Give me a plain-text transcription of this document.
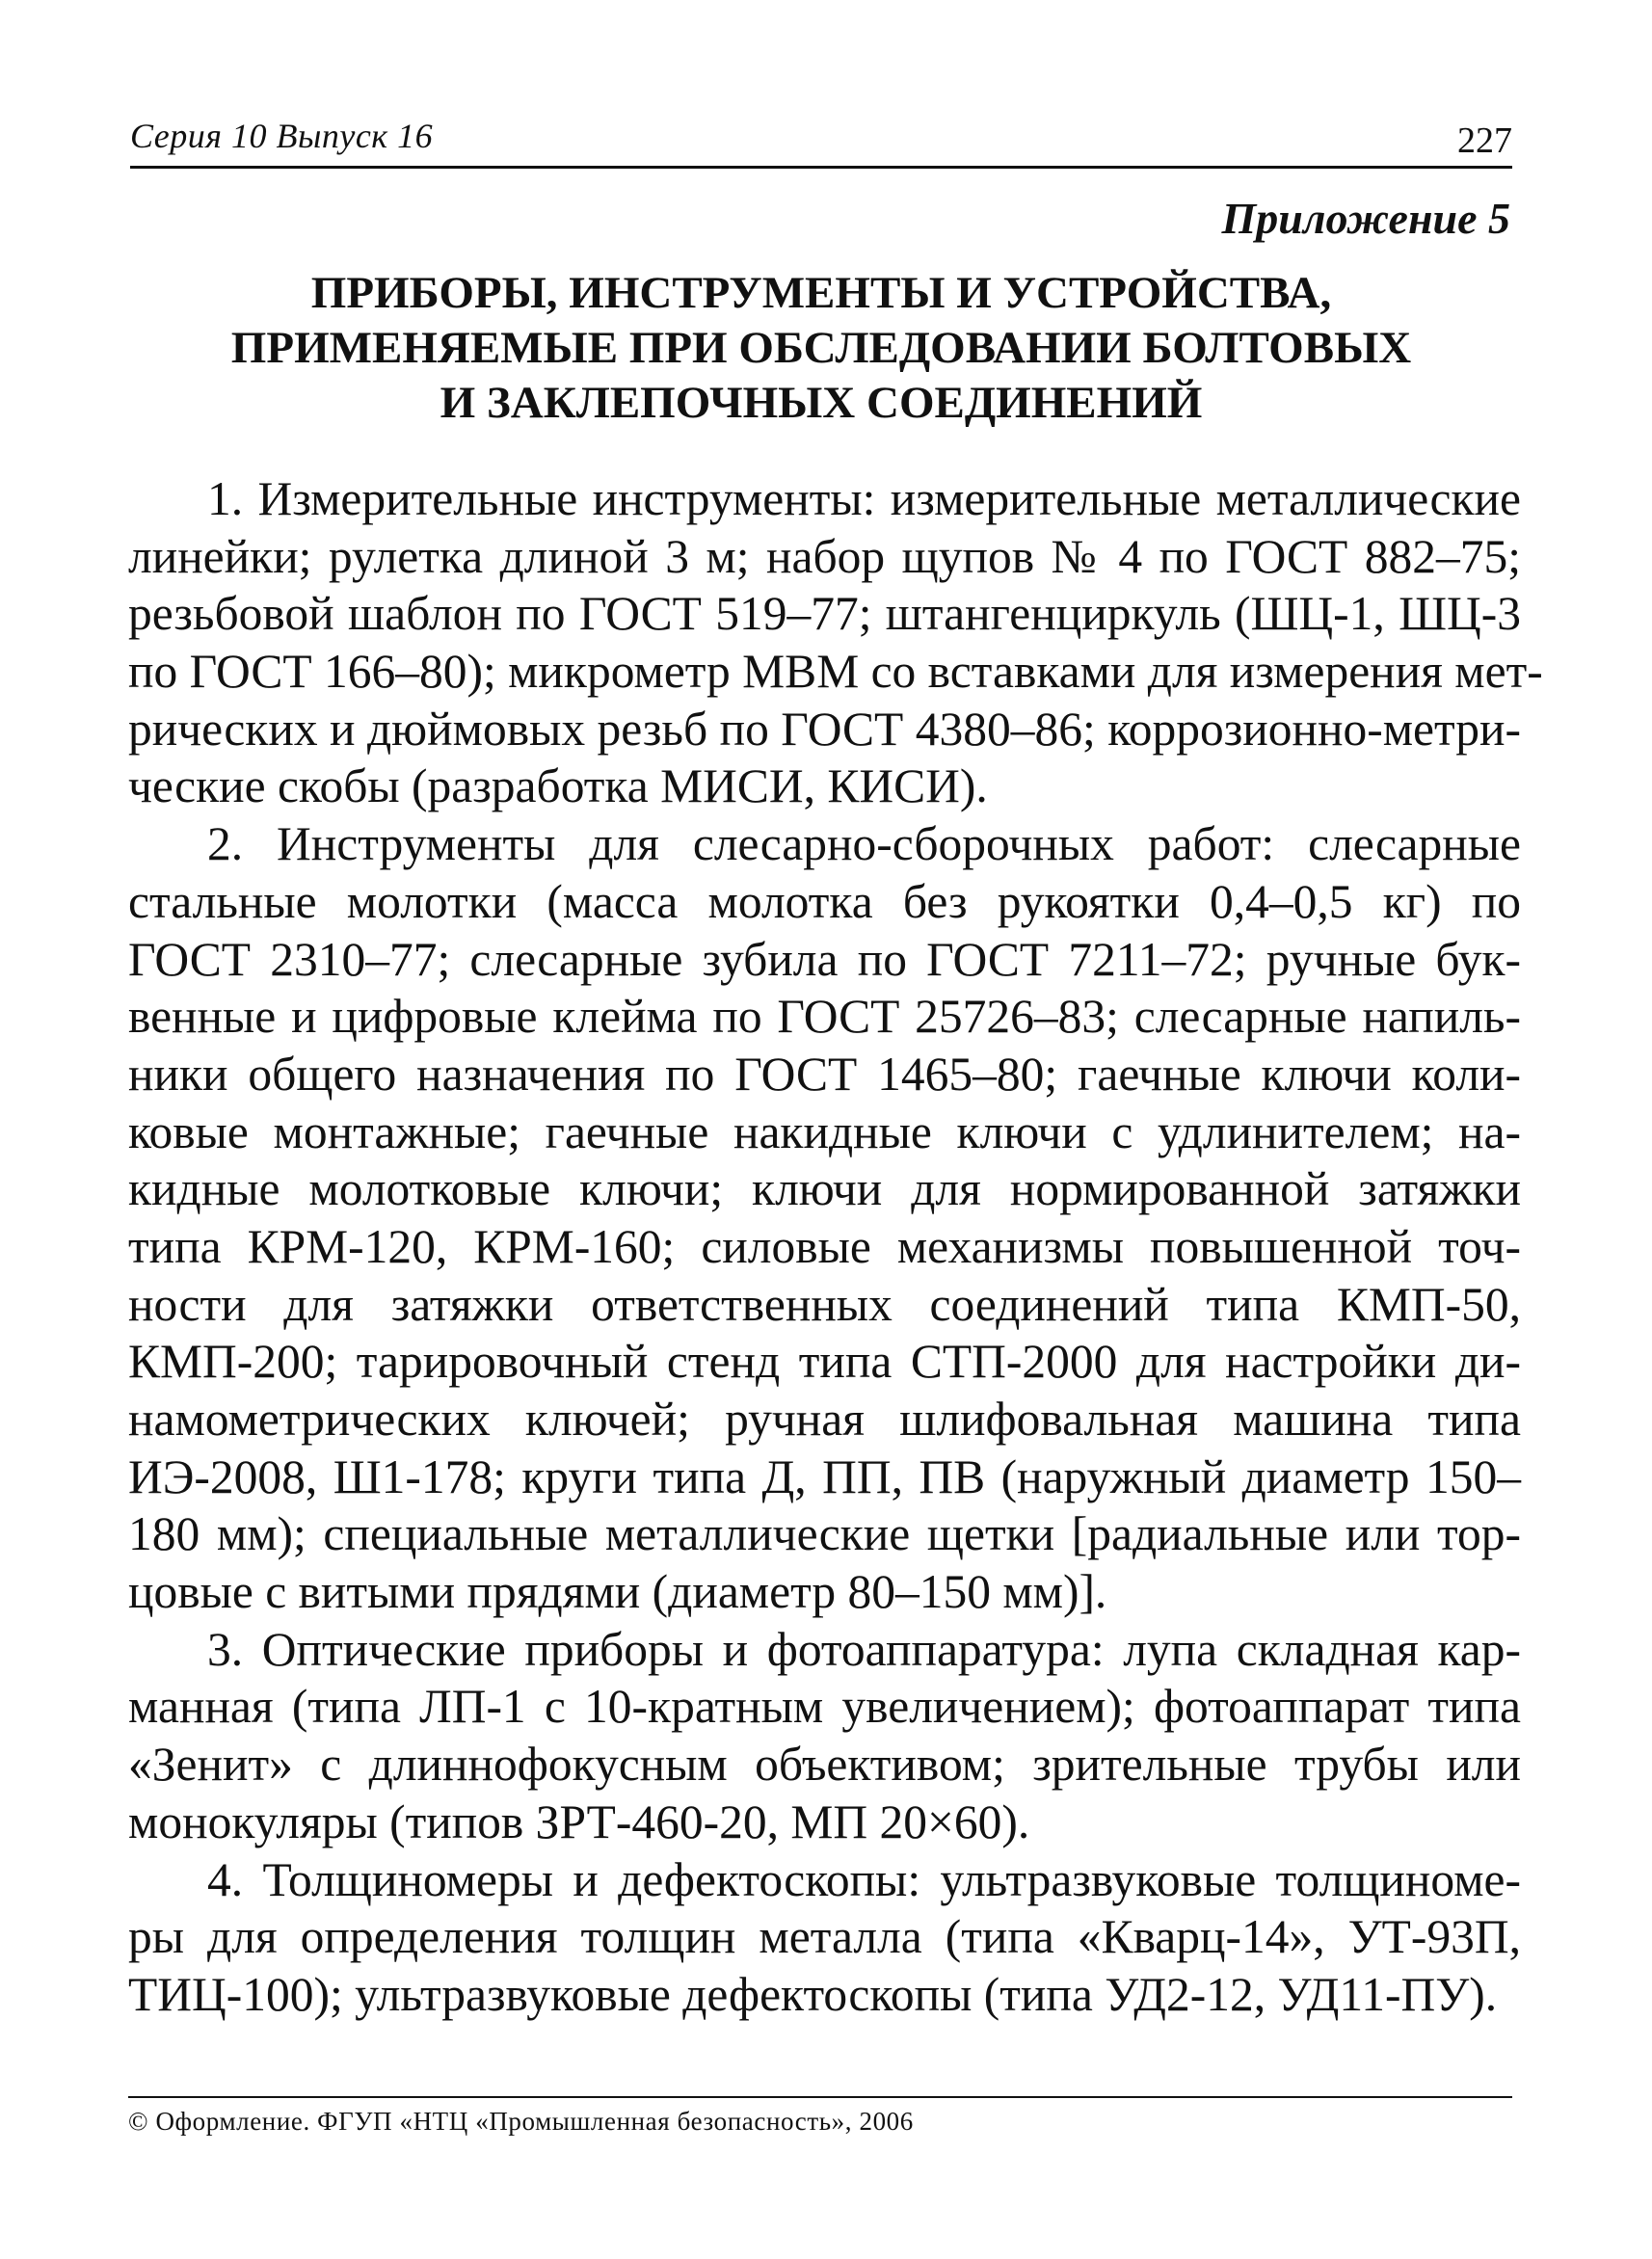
Серия 10 Выпуск 16	227
Приложение 5
ПРИБОРЫ, ИНСТРУМЕНТЫ И УСТРОЙСТВА,
ПРИМЕНЯЕМЫЕ ПРИ ОБСЛЕДОВАНИИ БОЛТОВЫХ
И ЗАКЛЕПОЧНЫХ СОЕДИНЕНИЙ
1. Измерительные инструменты: измерительные металлические
линейки; рулетка длиной 3 м; набор щупов № 4 по ГОСТ 882–75;
резьбовой шаблон по ГОСТ 519–77; штангенциркуль (ШЦ-1, ШЦ-3
по ГОСТ 166–80); микрометр МВМ со вставками для измерения мет-
рических и дюймовых резьб по ГОСТ 4380–86; коррозионно-метри-
ческие скобы (разработка МИСИ, КИСИ).
2. Инструменты для слесарно-сборочных работ: слесарные
стальные молотки (масса молотка без рукоятки 0,4–0,5 кг) по
ГОСТ 2310–77; слесарные зубила по ГОСТ 7211–72; ручные бук-
венные и цифровые клейма по ГОСТ 25726–83; слесарные напиль-
ники общего назначения по ГОСТ 1465–80; гаечные ключи коли-
ковые монтажные; гаечные накидные ключи с удлинителем; на-
кидные молотковые ключи; ключи для нормированной затяжки
типа КРМ-120, КРМ-160; силовые механизмы повышенной точ-
ности для затяжки ответственных соединений типа КМП-50,
КМП-200; тарировочный стенд типа СТП-2000 для настройки ди-
намометрических ключей; ручная шлифовальная машина типа
ИЭ-2008, Ш1-178; круги типа Д, ПП, ПВ (наружный диаметр 150–
180 мм); специальные металлические щетки [радиальные или тор-
цовые с витыми прядями (диаметр 80–150 мм)].
3. Оптические приборы и фотоаппаратура: лупа складная кар-
манная (типа ЛП-1 с 10-кратным увеличением); фотоаппарат типа
«Зенит» с длиннофокусным объективом; зрительные трубы или
монокуляры (типов ЗРТ-460-20, МП 20×60).
4. Толщиномеры и дефектоскопы: ультразвуковые толщиноме-
ры для определения толщин металла (типа «Кварц-14», УТ-93П,
ТИЦ-100); ультразвуковые дефектоскопы (типа УД2-12, УД11-ПУ).
© Оформление. ФГУП «НТЦ «Промышленная безопасность», 2006
